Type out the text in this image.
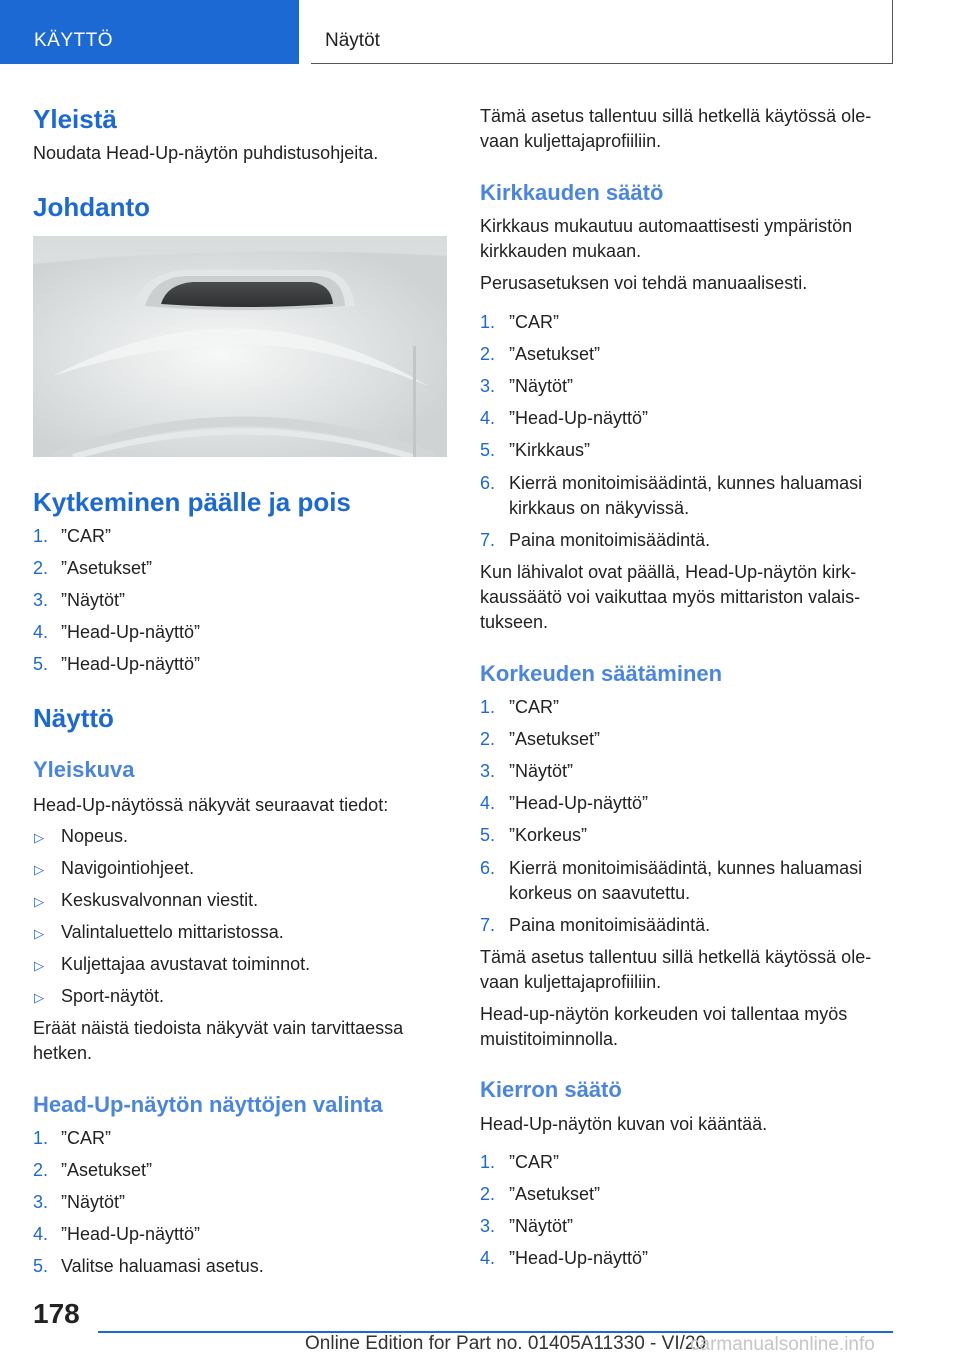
KÄYTTÖ	Näytöt
Yleistä
Noudata Head-Up-näytön puhdistusohjeita.
Johdanto
Kytkeminen päälle ja pois
1. ”CAR”
2. ”Asetukset”
3. ”Näytöt”
4. ”Head-Up-näyttö”
5. ”Head-Up-näyttö”
Näyttö
Yleiskuva
Head-Up-näytössä näkyvät seuraavat tiedot:
▷ Nopeus.
▷ Navigointiohjeet.
▷ Keskusvalvonnan viestit.
▷ Valintaluettelo mittaristossa.
▷ Kuljettajaa avustavat toiminnot.
▷ Sport-näytöt.
Eräät näistä tiedoista näkyvät vain tarvittaessa
hetken.
Head-Up-näytön näyttöjen valinta
1. ”CAR”
2. ”Asetukset”
3. ”Näytöt”
4. ”Head-Up-näyttö”
5. Valitse haluamasi asetus.
Tämä asetus tallentuu sillä hetkellä käytössä ole-
vaan kuljettajaprofiiliin.
Kirkkauden säätö
Kirkkaus mukautuu automaattisesti ympäristön
kirkkauden mukaan.
Perusasetuksen voi tehdä manuaalisesti.
1. ”CAR”
2. ”Asetukset”
3. ”Näytöt”
4. ”Head-Up-näyttö”
5. ”Kirkkaus”
6. Kierrä monitoimisäädintä, kunnes haluamasi
kirkkaus on näkyvissä.
7. Paina monitoimisäädintä.
Kun lähivalot ovat päällä, Head-Up-näytön kirk-
kaussäätö voi vaikuttaa myös mittariston valais-
tukseen.
Korkeuden säätäminen
1. ”CAR”
2. ”Asetukset”
3. ”Näytöt”
4. ”Head-Up-näyttö”
5. ”Korkeus”
6. Kierrä monitoimisäädintä, kunnes haluamasi
korkeus on saavutettu.
7. Paina monitoimisäädintä.
Tämä asetus tallentuu sillä hetkellä käytössä ole-
vaan kuljettajaprofiiliin.
Head-up-näytön korkeuden voi tallentaa myös
muistitoiminnolla.
Kierron säätö
Head-Up-näytön kuvan voi kääntää.
1. ”CAR”
2. ”Asetukset”
3. ”Näytöt”
4. ”Head-Up-näyttö”
178
Online Edition for Part no. 01405A11330 - VI/20
carmanualsonline.info
